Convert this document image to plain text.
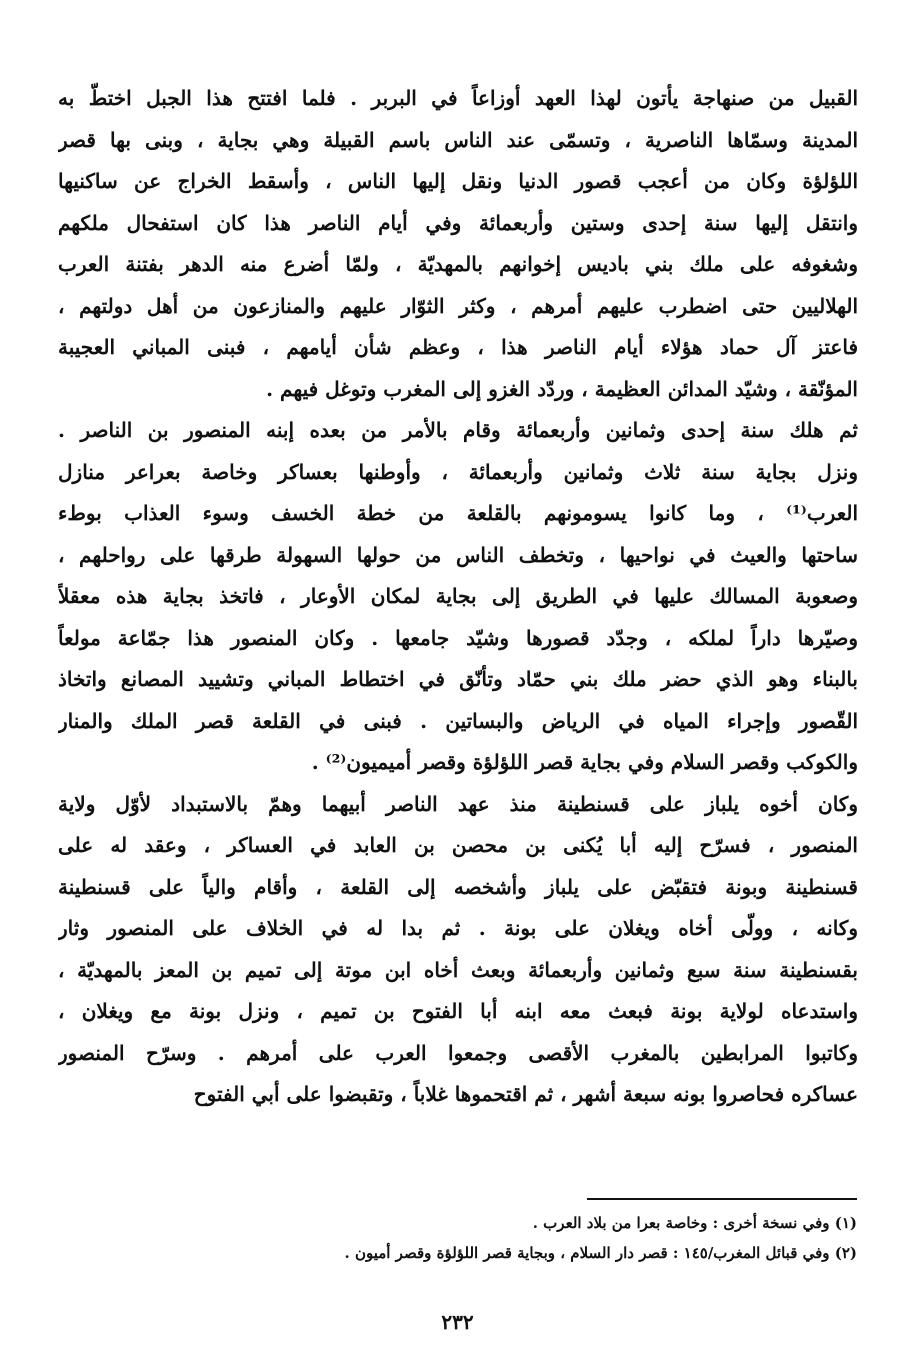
القبيل من صنهاجة يأتون لهذا العهد أوزاعاً في البربر . فلما افتتح هذا الجبل اختطّ به
المدينة وسمّاها الناصرية ، وتسمّى عند الناس باسم القبيلة وهي بجاية ، وبنى بها قصر
اللؤلؤة وكان من أعجب قصور الدنيا ونقل إليها الناس ، وأسقط الخراج عن ساكنيها
وانتقل إليها سنة إحدى وستين وأربعمائة وفي أيام الناصر هذا كان استفحال ملكهم
وشغوفه على ملك بني باديس إخوانهم بالمهديّة ، ولمّا أضرع منه الدهر بفتنة العرب
الهلاليين حتى اضطرب عليهم أمرهم ، وكثر الثوّار عليهم والمنازعون من أهل دولتهم ،
فاعتز آل حماد هؤلاء أيام الناصر هذا ، وعظم شأن أيامهم ، فبنى المباني العجيبة
المؤنّقة ، وشيّد المدائن العظيمة ، وردّد الغزو إلى المغرب وتوغل فيهم .
ثم هلك سنة إحدى وثمانين وأربعمائة وقام بالأمر من بعده إبنه المنصور بن الناصر .
ونزل بجاية سنة ثلاث وثمانين وأربعمائة ، وأوطنها بعساكر وخاصة بعراعر منازل
العرب⁽¹⁾ ، وما كانوا يسومونهم بالقلعة من خطة الخسف وسوء العذاب بوطء
ساحتها والعيث في نواحيها ، وتخطف الناس من حولها السهولة طرقها على رواحلهم ،
وصعوبة المسالك عليها في الطريق إلى بجاية لمكان الأوعار ، فاتخذ بجاية هذه معقلاً
وصيّرها داراً لملكه ، وجدّد قصورها وشيّد جامعها . وكان المنصور هذا جمّاعة مولعاً
بالبناء وهو الذي حضر ملك بني حمّاد وتأنّق في اختطاط المباني وتشييد المصانع واتخاذ
القّصور وإجراء المياه في الرياض والبساتين . فبنى في القلعة قصر الملك والمنار
والكوكب وقصر السلام وفي بجاية قصر اللؤلؤة وقصر أميميون⁽²⁾ .
وكان أخوه يلباز على قسنطينة منذ عهد الناصر أبيهما وهمّ بالاستبداد لأوّل ولاية
المنصور ، فسرّح إليه أبا يُكنى بن محصن بن العابد في العساكر ، وعقد له على
قسنطينة وبونة فتقبّض على يلباز وأشخصه إلى القلعة ، وأقام والياً على قسنطينة
وكانه ، وولّى أخاه ويغلان على بونة . ثم بدا له في الخلاف على المنصور وثار
بقسنطينة سنة سبع وثمانين وأربعمائة وبعث أخاه ابن موتة إلى تميم بن المعز بالمهديّة ،
واستدعاه لولاية بونة فبعث معه ابنه أبا الفتوح بن تميم ، ونزل بونة مع ويغلان ،
وكاتبوا المرابطين بالمغرب الأقصى وجمعوا العرب على أمرهم . وسرّح المنصور
عساكره فحاصروا بونه سبعة أشهر ، ثم اقتحموها غلاباً ، وتقبضوا على أبي الفتوح
(١) وفي نسخة أخرى : وخاصة بعرا من بلاد العرب .
(٢) وفي قبائل المغرب/١٤٥ : قصر دار السلام ، وبجاية قصر اللؤلؤة وقصر أميون .
٢٣٢
